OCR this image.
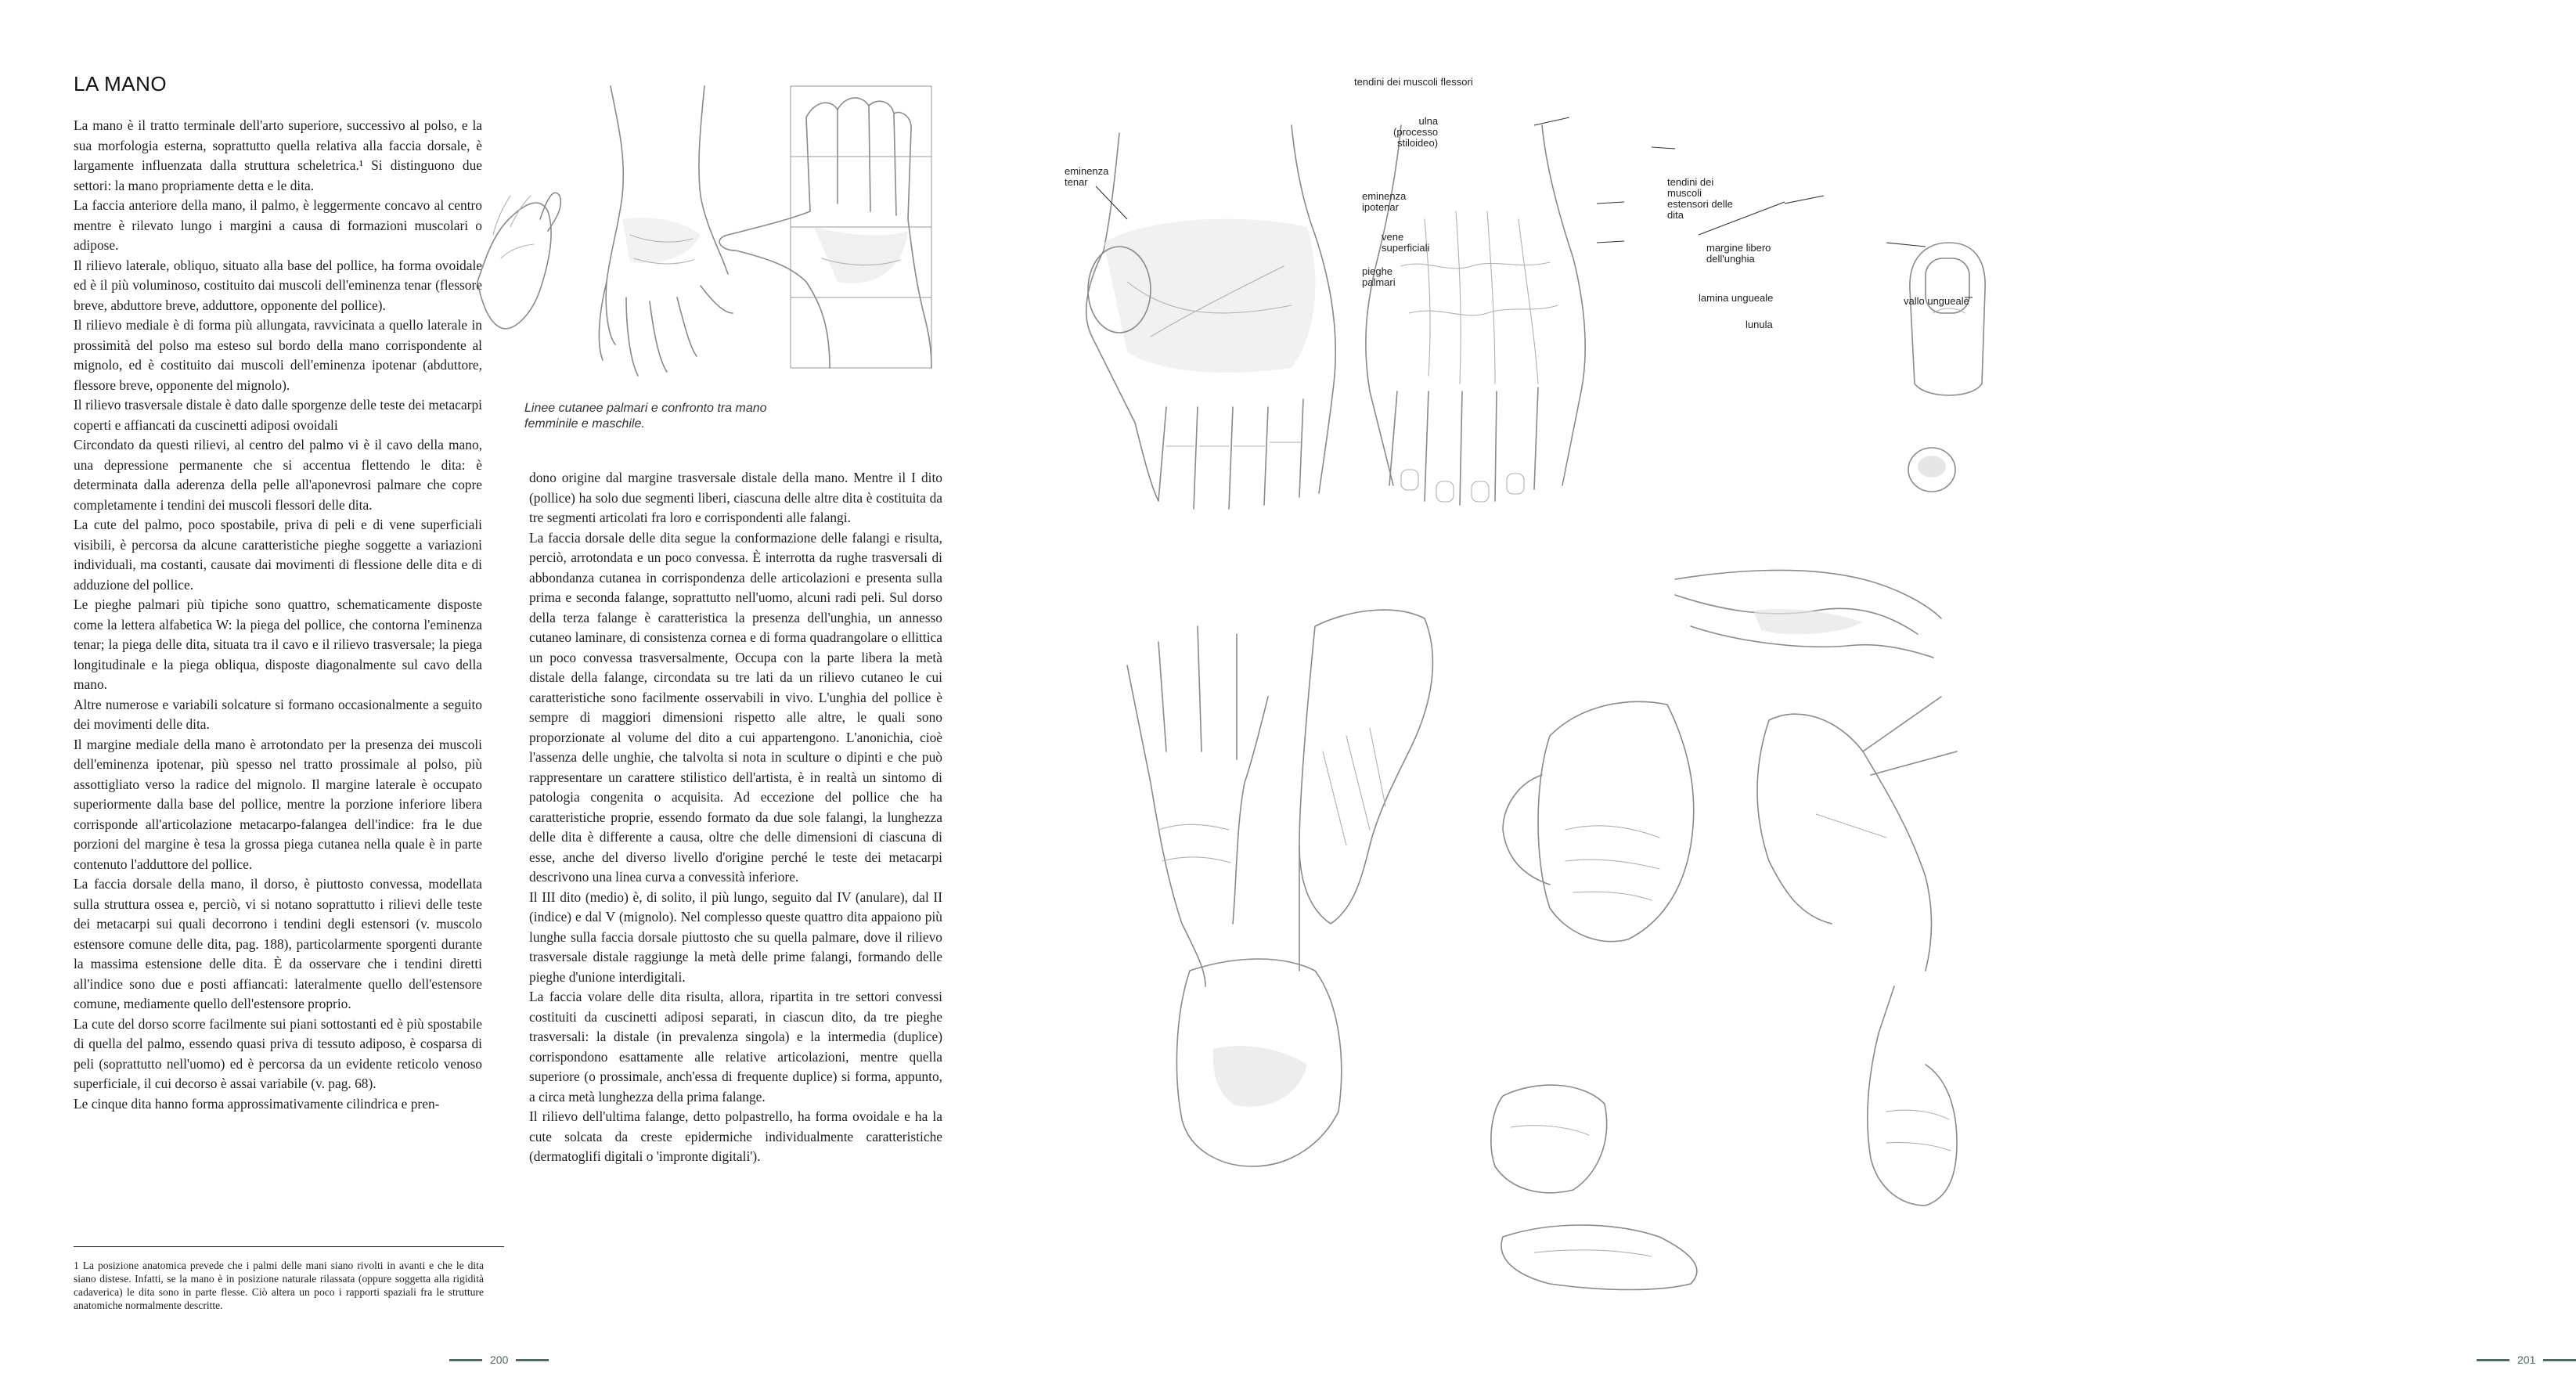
LA MANO

La mano è il tratto terminale dell'arto superiore, successivo al polso, e la sua morfologia esterna, soprattutto quella relativa alla faccia dorsale, è largamente influenzata dalla struttura scheletrica.¹ Si distinguono due settori: la mano propriamente detta e le dita.

La faccia anteriore della mano, il palmo, è leggermente concavo al centro mentre è rilevato lungo i margini a causa di formazioni muscolari o adipose.

Il rilievo laterale, obliquo, situato alla base del pollice, ha forma ovoidale ed è il più voluminoso, costituito dai muscoli dell'eminenza tenar (flessore breve, abduttore breve, adduttore, opponente del pollice).

Il rilievo mediale è di forma più allungata, ravvicinata a quello laterale in prossimità del polso ma esteso sul bordo della mano corrispondente al mignolo, ed è costituito dai muscoli dell'eminenza ipotenar (abduttore, flessore breve, opponente del mignolo).

Il rilievo trasversale distale è dato dalle sporgenze delle teste dei metacarpi coperti e affiancati da cuscinetti adiposi ovoidali

Circondato da questi rilievi, al centro del palmo vi è il cavo della mano, una depressione permanente che si accentua flettendo le dita: è determinata dalla aderenza della pelle all'aponevrosi palmare che copre completamente i tendini dei muscoli flessori delle dita.

La cute del palmo, poco spostabile, priva di peli e di vene superficiali visibili, è percorsa da alcune caratteristiche pieghe soggette a variazioni individuali, ma costanti, causate dai movimenti di flessione delle dita e di adduzione del pollice.

Le pieghe palmari più tipiche sono quattro, schematicamente disposte come la lettera alfabetica W: la piega del pollice, che contorna l'eminenza tenar; la piega delle dita, situata tra il cavo e il rilievo trasversale; la piega longitudinale e la piega obliqua, disposte diagonalmente sul cavo della mano.

Altre numerose e variabili solcature si formano occasionalmente a seguito dei movimenti delle dita.

Il margine mediale della mano è arrotondato per la presenza dei muscoli dell'eminenza ipotenar, più spesso nel tratto prossimale al polso, più assottigliato verso la radice del mignolo. Il margine laterale è occupato superiormente dalla base del pollice, mentre la porzione inferiore libera corrisponde all'articolazione metacarpo-falangea dell'indice: fra le due porzioni del margine è tesa la grossa piega cutanea nella quale è in parte contenuto l'adduttore del pollice.

La faccia dorsale della mano, il dorso, è piuttosto convessa, modellata sulla struttura ossea e, perciò, vi si notano soprattutto i rilievi delle teste dei metacarpi sui quali decorrono i tendini degli estensori (v. muscolo estensore comune delle dita, pag. 188), particolarmente sporgenti durante la massima estensione delle dita. È da osservare che i tendini diretti all'indice sono due e posti affiancati: lateralmente quello dell'estensore comune, mediamente quello dell'estensore proprio.

La cute del dorso scorre facilmente sui piani sottostanti ed è più spostabile di quella del palmo, essendo quasi priva di tessuto adiposo, è cosparsa di peli (soprattutto nell'uomo) ed è percorsa da un evidente reticolo venoso superficiale, il cui decorso è assai variabile (v. pag. 68).

Le cinque dita hanno forma approssimativamente cilindrica e pren-

Linee cutanee palmari e confronto tra mano femminile e maschile.

dono origine dal margine trasversale distale della mano. Mentre il I dito (pollice) ha solo due segmenti liberi, ciascuna delle altre dita è costituita da tre segmenti articolati fra loro e corrispondenti alle falangi.

La faccia dorsale delle dita segue la conformazione delle falangi e risulta, perciò, arrotondata e un poco convessa. È interrotta da rughe trasversali di abbondanza cutanea in corrispondenza delle articolazioni e presenta sulla prima e seconda falange, soprattutto nell'uomo, alcuni radi peli. Sul dorso della terza falange è caratteristica la presenza dell'unghia, un annesso cutaneo laminare, di consistenza cornea e di forma quadrangolare o ellittica un poco convessa trasversalmente, Occupa con la parte libera la metà distale della falange, circondata su tre lati da un rilievo cutaneo le cui caratteristiche sono facilmente osservabili in vivo. L'unghia del pollice è sempre di maggiori dimensioni rispetto alle altre, le quali sono proporzionate al volume del dito a cui appartengono. L'anonichia, cioè l'assenza delle unghie, che talvolta si nota in sculture o dipinti e che può rappresentare un carattere stilistico dell'artista, è in realtà un sintomo di patologia congenita o acquisita. Ad eccezione del pollice che ha caratteristiche proprie, essendo formato da due sole falangi, la lunghezza delle dita è differente a causa, oltre che delle dimensioni di ciascuna di esse, anche del diverso livello d'origine perché le teste dei metacarpi descrivono una linea curva a convessità inferiore.

Il III dito (medio) è, di solito, il più lungo, seguito dal IV (anulare), dal II (indice) e dal V (mignolo). Nel complesso queste quattro dita appaiono più lunghe sulla faccia dorsale piuttosto che su quella palmare, dove il rilievo trasversale distale raggiunge la metà delle prime falangi, formando delle pieghe d'unione interdigitali.

La faccia volare delle dita risulta, allora, ripartita in tre settori convessi costituiti da cuscinetti adiposi separati, in ciascun dito, da tre pieghe trasversali: la distale (in prevalenza singola) e la intermedia (duplice) corrispondono esattamente alle relative articolazioni, mentre quella superiore (o prossimale, anch'essa di frequente duplice) si forma, appunto, a circa metà lunghezza della prima falange.

Il rilievo dell'ultima falange, detto polpastrello, ha forma ovoidale e ha la cute solcata da creste epidermiche individualmente caratteristiche (dermatoglifi digitali o 'impronte digitali').

1 La posizione anatomica prevede che i palmi delle mani siano rivolti in avanti e che le dita siano distese. Infatti, se la mano è in posizione naturale rilassata (oppure soggetta alla rigidità cadaverica) le dita sono in parte flesse. Ciò altera un poco i rapporti spaziali fra le strutture anatomiche normalmente descritte.

200
tendini dei muscoli flessori
ulna
(processo
stiloideo)
eminenza
tenar
eminenza
ipotenar
vene
superficiali
pieghe
palmari
tendini dei
muscoli
estensori delle
dita
margine libero
dell'unghia
lamina ungueale	vallo ungueale
lunula
201
